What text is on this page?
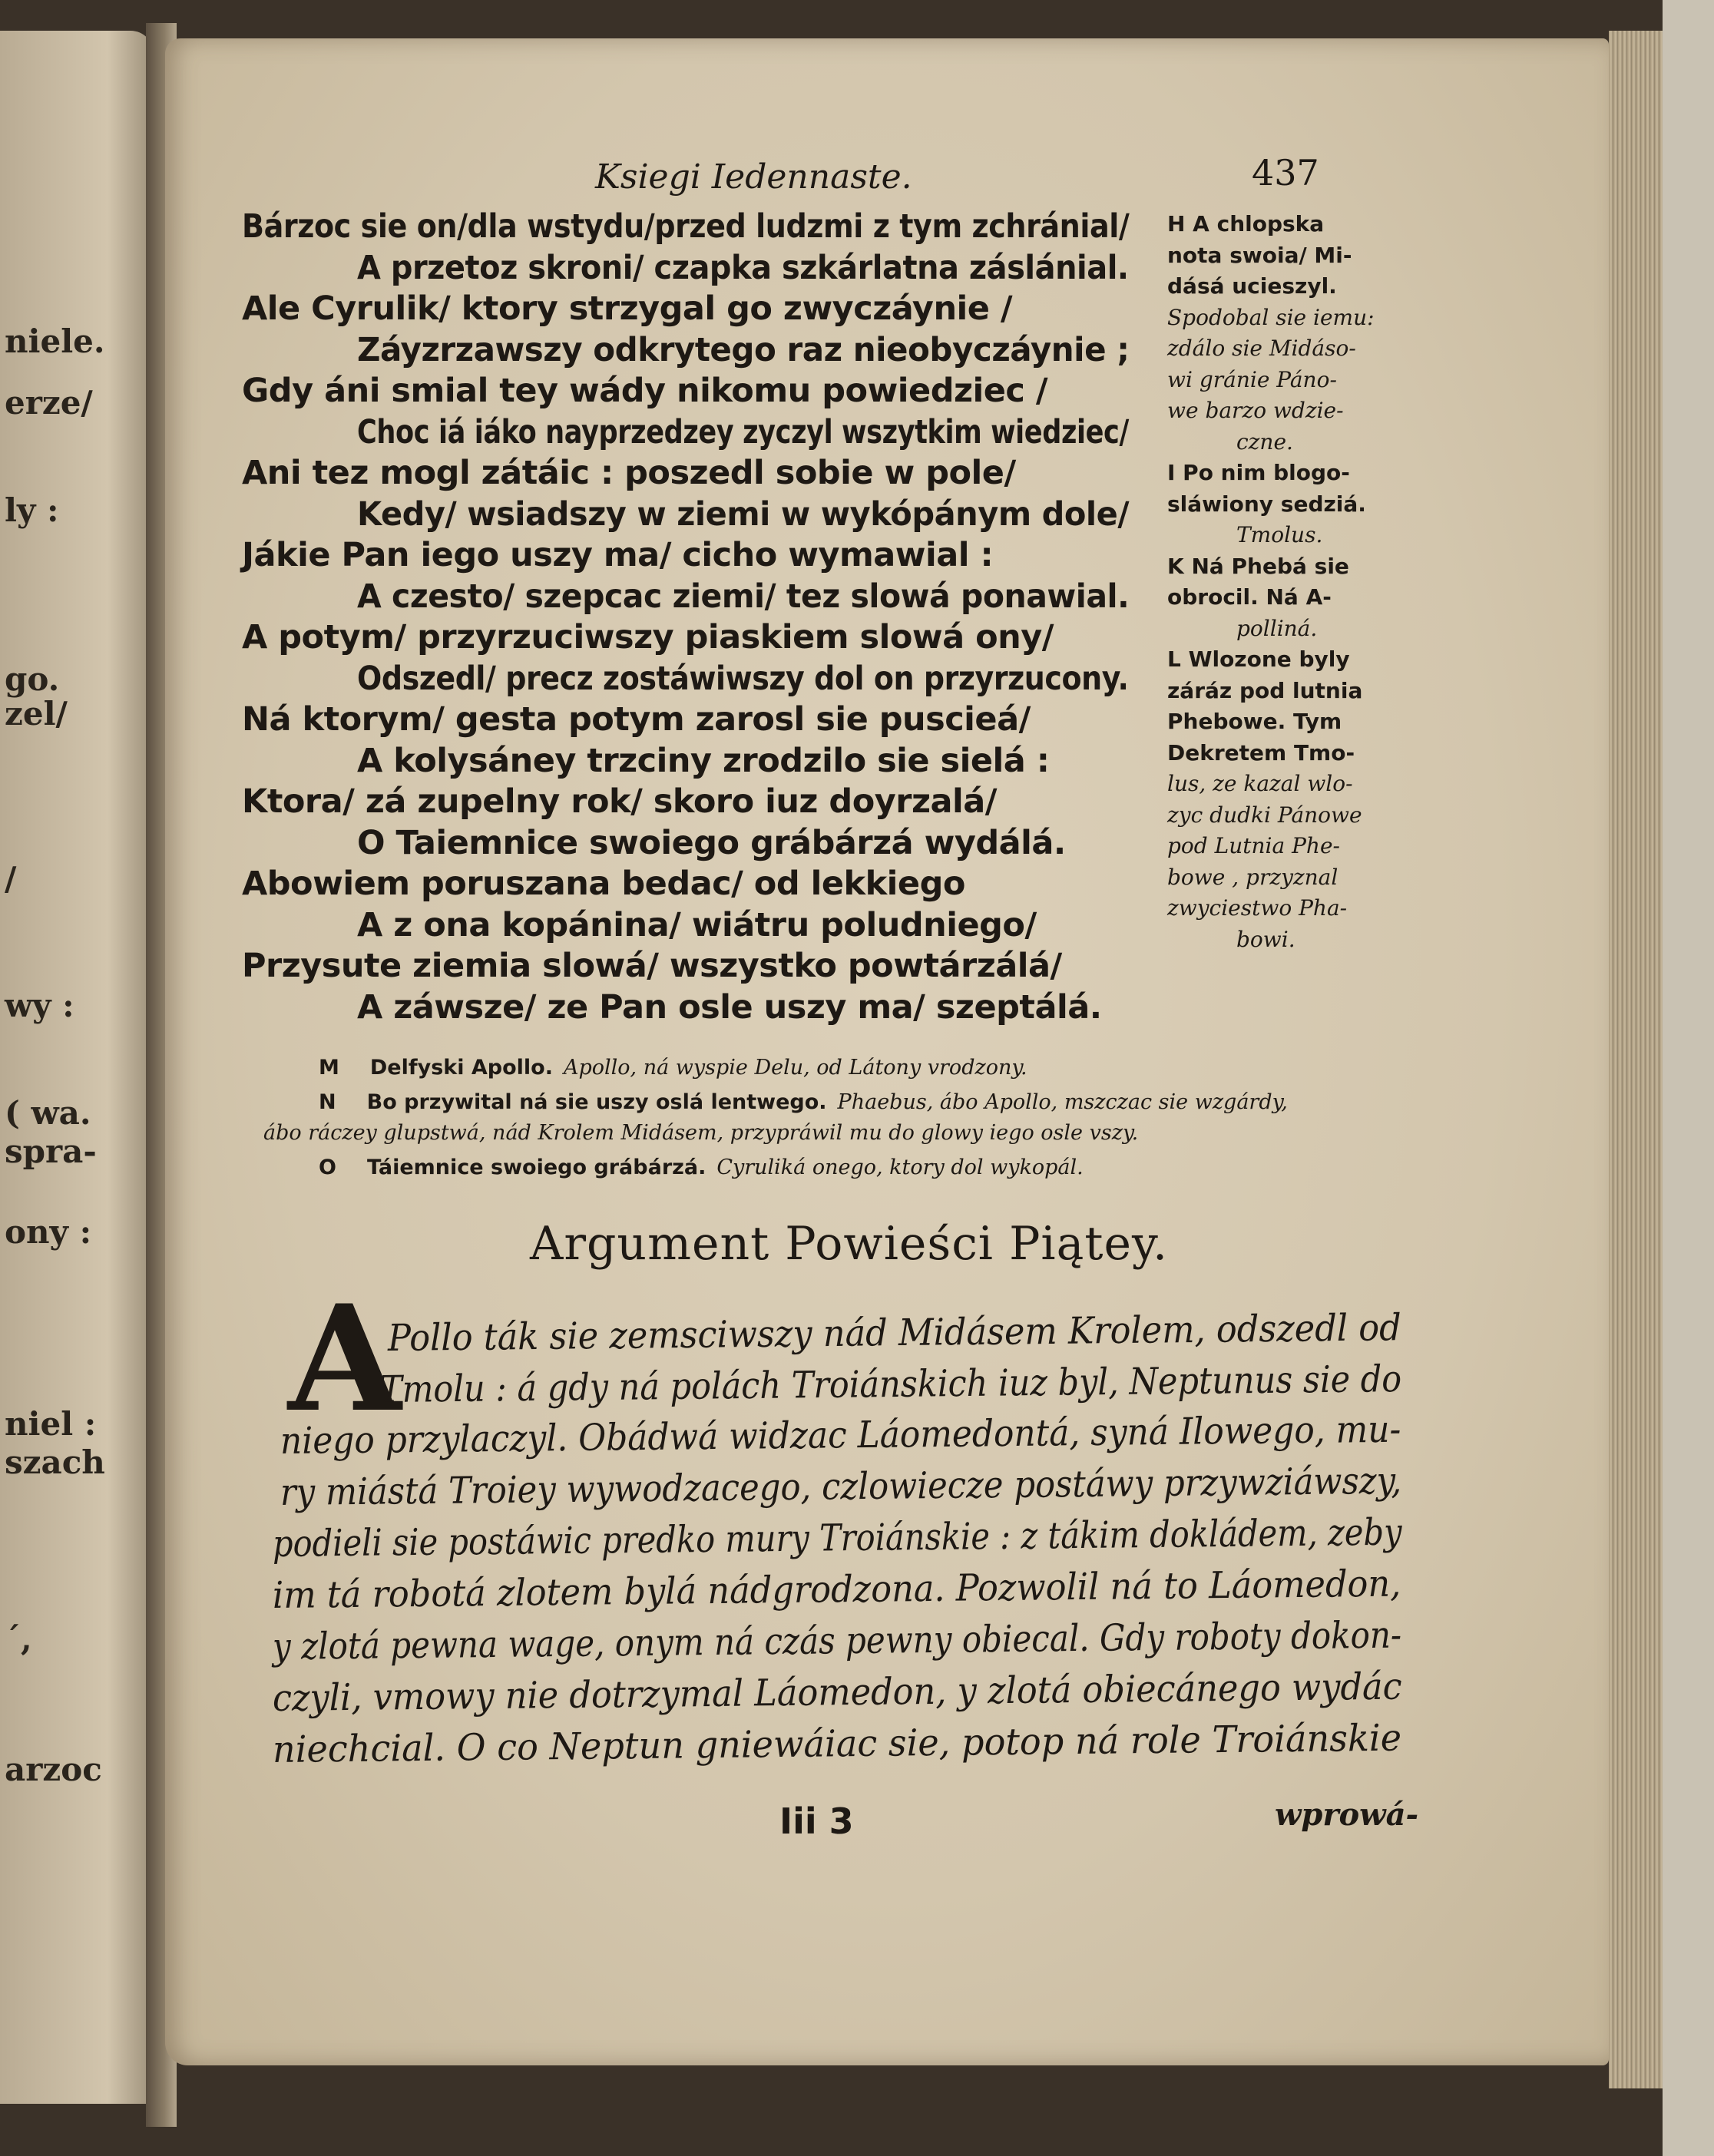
niele.
erze/
ly :
go.
zel/
/
wy :
( wa.
spra-
ony :
niel :
szach
´,
arzoc
Ksiegi Iedennaste.	437
Bárzoc sie on/dla wstydu/przed ludzmi z tym zchránial/
A przetoz skroni/ czapka szkárlatna záslánial.
Ale Cyrulik/ ktory strzygal go zwyczáynie /
Záyzrzawszy odkrytego raz nieobyczáynie ;
Gdy áni smial tey wády nikomu powiedziec /
Choc iá iáko nayprzedzey zyczyl wszytkim wiedziec/
Ani tez mogl zátáic : poszedl sobie w pole/
Kedy/ wsiadszy w ziemi w wykópánym dole/
Jákie Pan iego uszy ma/ cicho wymawial :
A czesto/ szepcac ziemi/ tez slowá ponawial.
A potym/ przyrzuciwszy piaskiem slowá ony/
Odszedl/ precz zostáwiwszy dol on przyrzucony.
Ná ktorym/ gesta potym zarosl sie puscieá/
A kolysáney trzciny zrodzilo sie sielá :
Ktora/ zá zupelny rok/ skoro iuz doyrzalá/
O Taiemnice swoiego grábárzá wydálá.
Abowiem poruszana bedac/ od lekkiego
A z ona kopánina/ wiátru poludniego/
Przysute ziemia slowá/ wszystko powtárzálá/
A záwsze/ ze Pan osle uszy ma/ szeptálá.
H A chlopska
nota swoia/ Mi-
dásá ucieszyl.
Spodobal sie iemu:
zdálo sie Midáso-
wi gránie Páno-
we barzo wdzie-
czne.
I Po nim blogo-
sláwiony sedziá.
Tmolus.
K Ná Phebá sie
obrocil. Ná A-
polliná.
L Wlozone byly
záráz pod lutnia
Phebowe. Tym
Dekretem Tmo-
lus, ze kazal wlo-
zyc dudki Pánowe
pod Lutnia Phe-
bowe , przyznal
zwyciestwo Pha-
bowi.
M Delfyski Apollo. Apollo, ná wyspie Delu, od Látony vrodzony.
N Bo przywital ná sie uszy oslá lentwego. Phaebus, ábo Apollo, mszczac sie wzgárdy,
ábo ráczey glupstwá, nád Krolem Midásem, przypráwil mu do glowy iego osle vszy.
O Táiemnice swoiego grábárzá. Cyruliká onego, ktory dol wykopál.
Argument Powieści Piątey.
A
Pollo ták sie zemsciwszy nád Midásem Krolem, odszedl od
Tmolu : á gdy ná polách Troiánskich iuz byl, Neptunus sie do
niego przylaczyl. Obádwá widzac Láomedontá, syná Ilowego, mu-
ry miástá Troiey wywodzacego, czlowiecze postáwy przywziáwszy,
podieli sie postáwic predko mury Troiánskie : z tákim dokládem, zeby
im tá robotá zlotem bylá nádgrodzona. Pozwolil ná to Láomedon,
y zlotá pewna wage, onym ná czás pewny obiecal. Gdy roboty dokon-
czyli, vmowy nie dotrzymal Láomedon, y zlotá obiecánego wydác
niechcial. O co Neptun gniewáiac sie, potop ná role Troiánskie
Iii 3	wprowá-
